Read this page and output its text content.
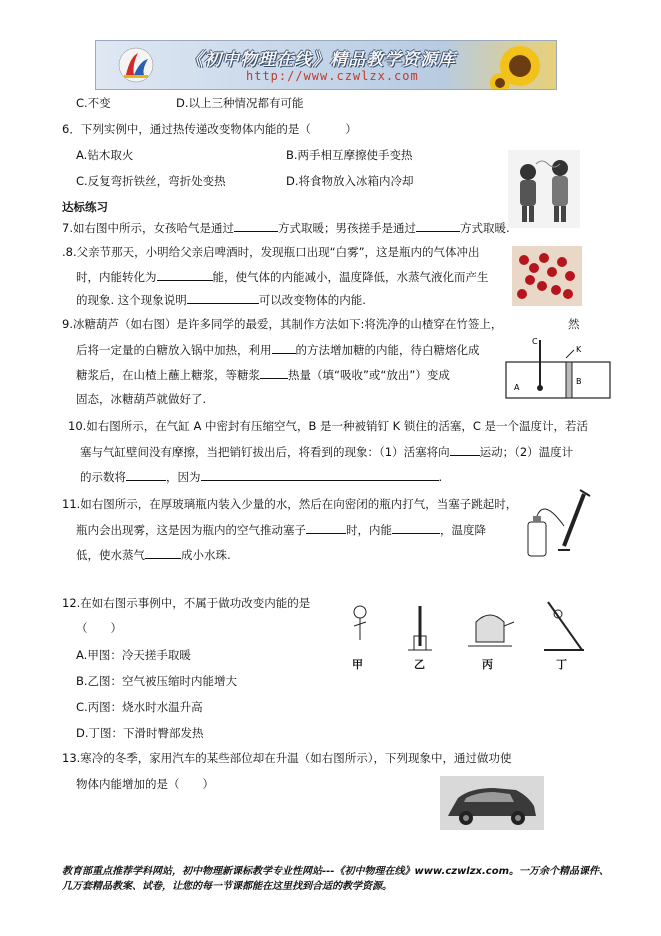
《初中物理在线》精品教学资源库
http://www.czwlzx.com
C.不变	D.以上三种情况都有可能
6．下列实例中，通过热传递改变物体内能的是（　　　）
A.钻木取火	B.两手相互摩擦使手变热
C.反复弯折铁丝，弯折处变热	D.将食物放入冰箱内冷却
达标练习
7.如右图中所示，女孩哈气是通过	方式取暖；男孩搓手是通过	方式取暖.
.8.父亲节那天，小明给父亲启啤酒时，发现瓶口出现“白雾”，这是瓶内的气体冲出
时，内能转化为	能，使气体的内能减小，温度降低，水蒸气液化而产生
的现象. 这个现象说明	可以改变物体的内能.
9.冰糖葫芦（如右图）是许多同学的最爱，其制作方法如下:将洗净的山楂穿在竹签上，	然
后将一定量的白糖放入锅中加热，利用 的方法增加糖的内能，待白糖熔化成
糖浆后，在山楂上蘸上糖浆，等糖浆 热量（填“吸收”或“放出”）变成
固态，冰糖葫芦就做好了.
C
K
A
B
10.如右图所示，在气缸 A 中密封有压缩空气，B 是一种被销钉 K 锁住的活塞，C 是一个温度计，若活
塞与气缸壁间没有摩擦，当把销钉拔出后，将看到的现象：（1）活塞将向	运动；（2）温度计
的示数将	，因为	.
11.如右图所示，在厚玻璃瓶内装入少量的水，然后在向密闭的瓶内打气，当塞子跳起时，
瓶内会出现雾，这是因为瓶内的空气推动塞子	时，内能	，温度降
低，使水蒸气	成小水珠.
12.在如右图示事例中，不属于做功改变内能的是
（　　）
A.甲图：冷天搓手取暖
B.乙图：空气被压缩时内能增大
C.丙图：烧水时水温升高
D.丁图：下滑时臀部发热
甲	乙	丙	丁
13.寒冷的冬季，家用汽车的某些部位却在升温（如右图所示），下列现象中，通过做功使
物体内能增加的是（　　）
教育部重点推荐学科网站，初中物理新课标教学专业性网站---《初中物理在线》www.czwlzx.com。一万余个精品课件、
几万套精品教案、试卷，让您的每一节课都能在这里找到合适的教学资源。
